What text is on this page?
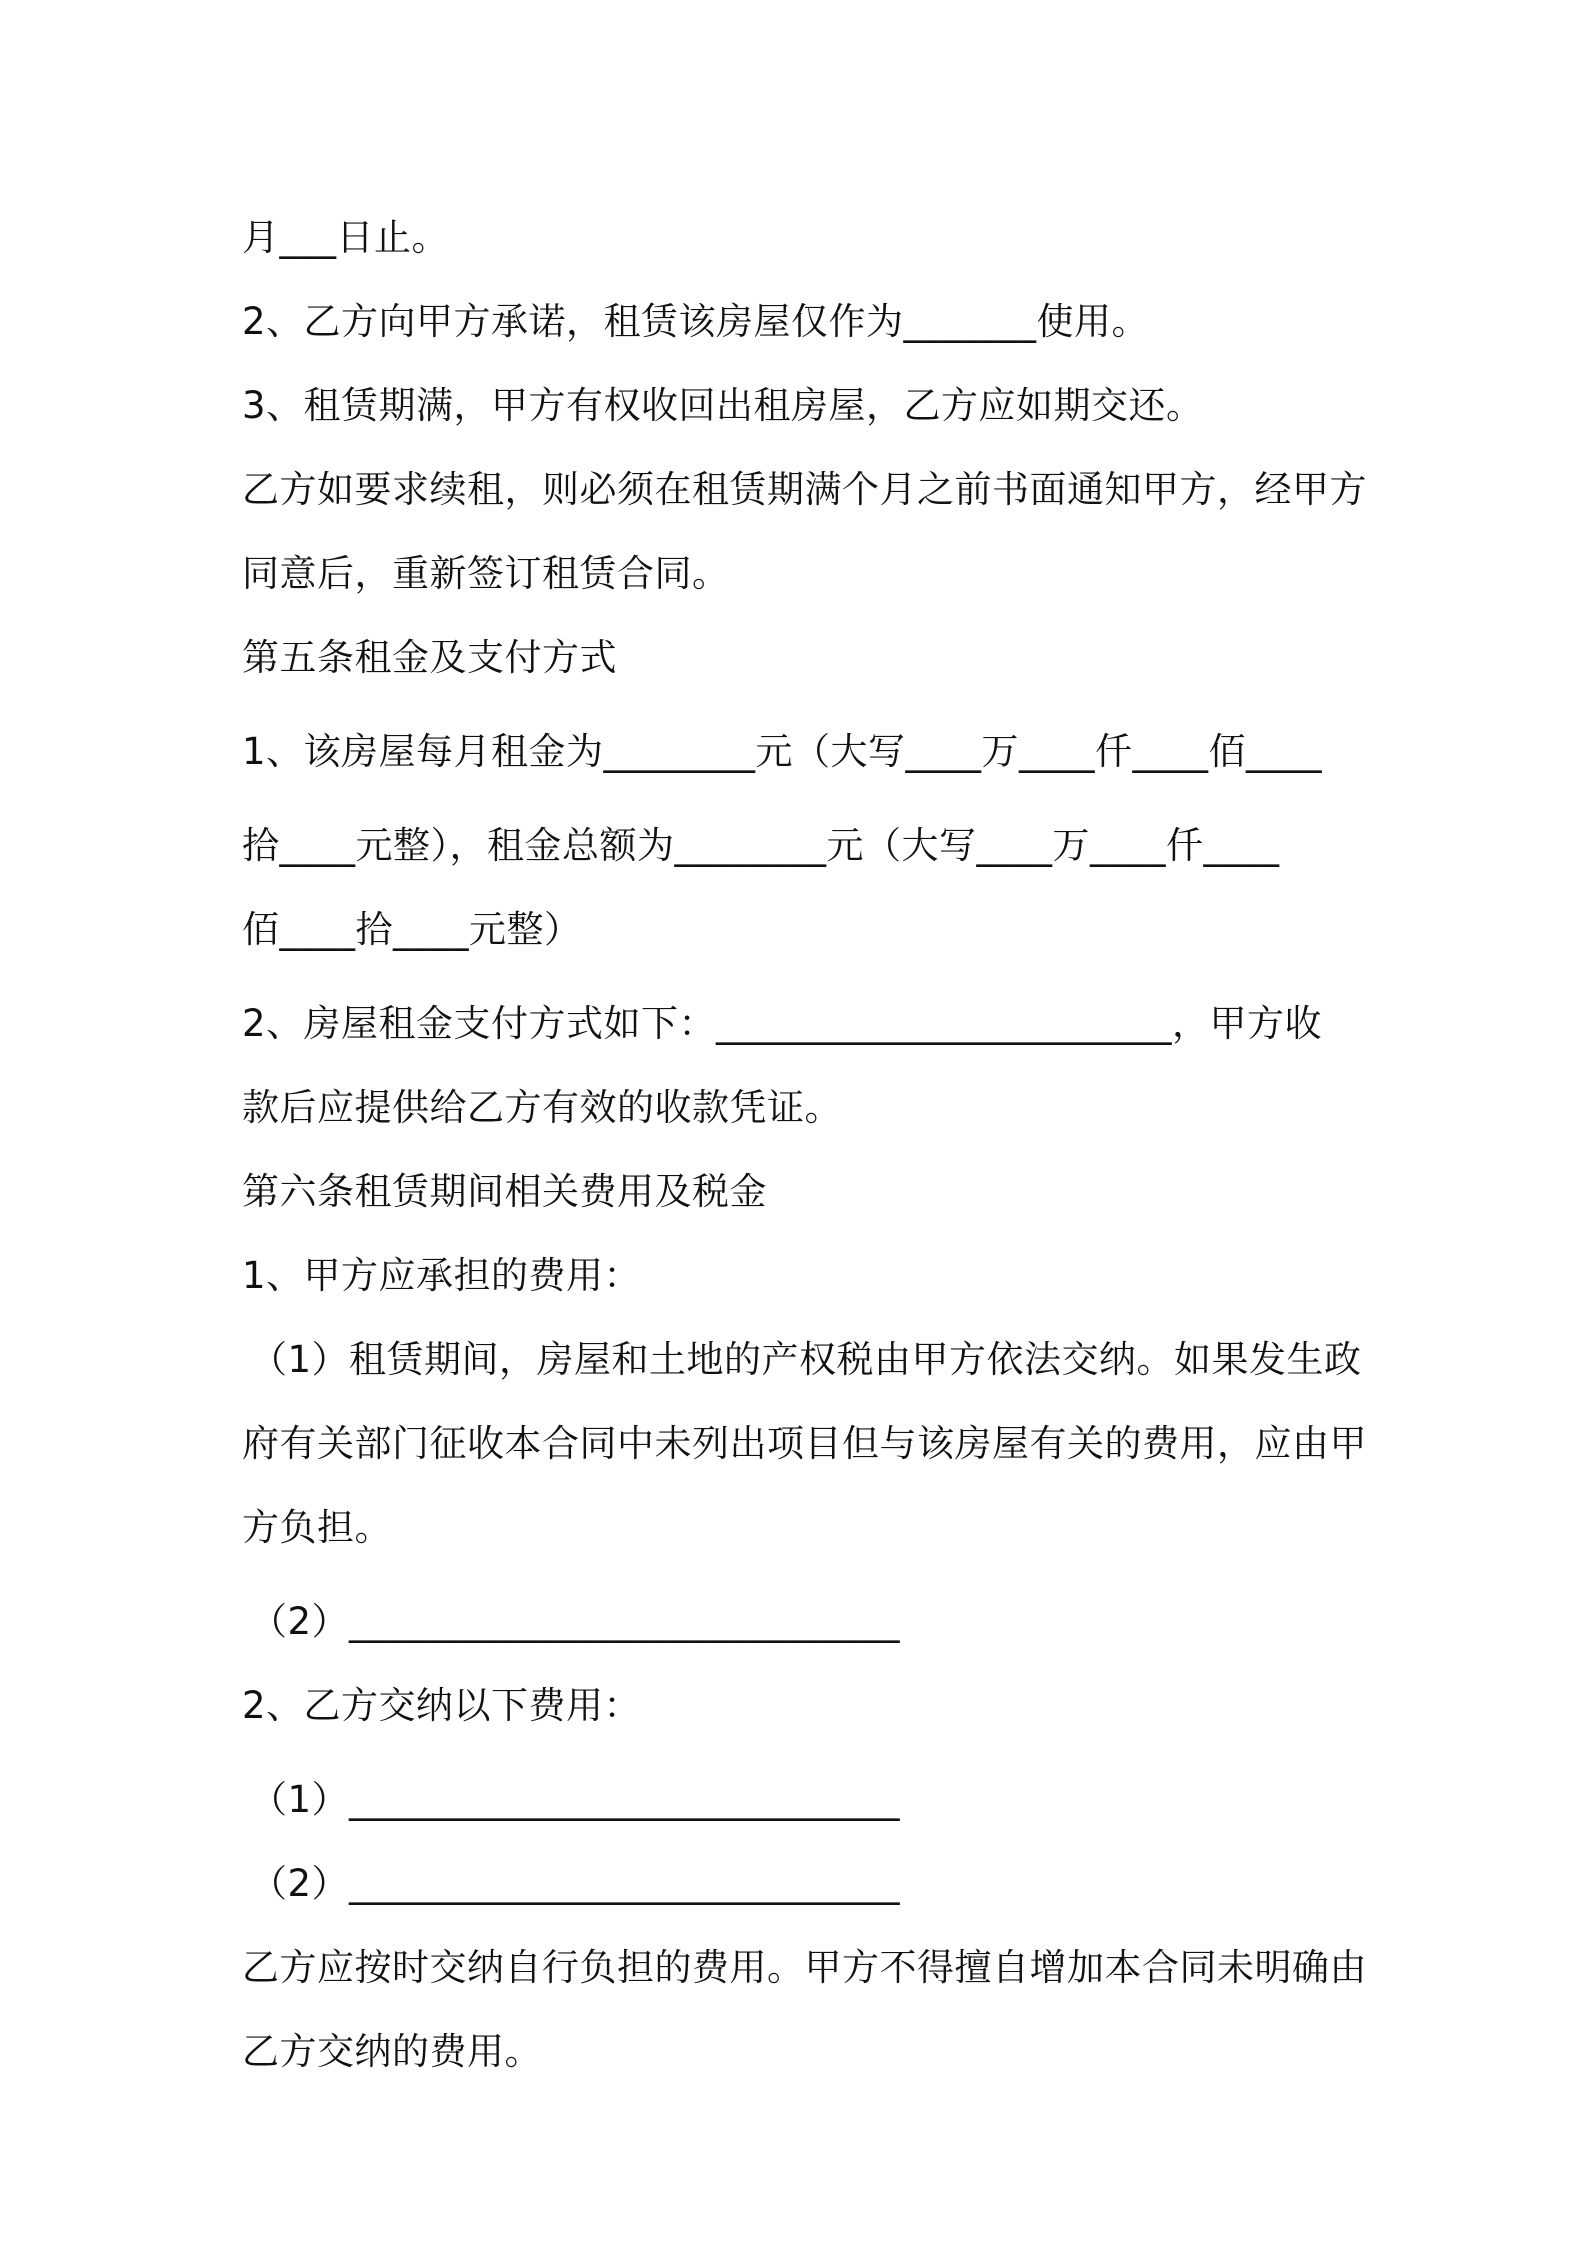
月___日止。
2、乙方向甲方承诺，租赁该房屋仅作为_______使用。
3、租赁期满，甲方有权收回出租房屋，乙方应如期交还。
乙方如要求续租，则必须在租赁期满个月之前书面通知甲方，经甲方
同意后，重新签订租赁合同。
第五条租金及支付方式
1、该房屋每月租金为________元（大写____万____仟____佰____
拾____元整），租金总额为________元（大写____万____仟____
佰____拾____元整）
2、房屋租金支付方式如下：________________________，甲方收
款后应提供给乙方有效的收款凭证。
第六条租赁期间相关费用及税金
1、甲方应承担的费用：
（1）租赁期间，房屋和土地的产权税由甲方依法交纳。如果发生政
府有关部门征收本合同中未列出项目但与该房屋有关的费用，应由甲
方负担。
（2）_____________________________
2、乙方交纳以下费用：
（1）_____________________________
（2）_____________________________
乙方应按时交纳自行负担的费用。甲方不得擅自增加本合同未明确由
乙方交纳的费用。
